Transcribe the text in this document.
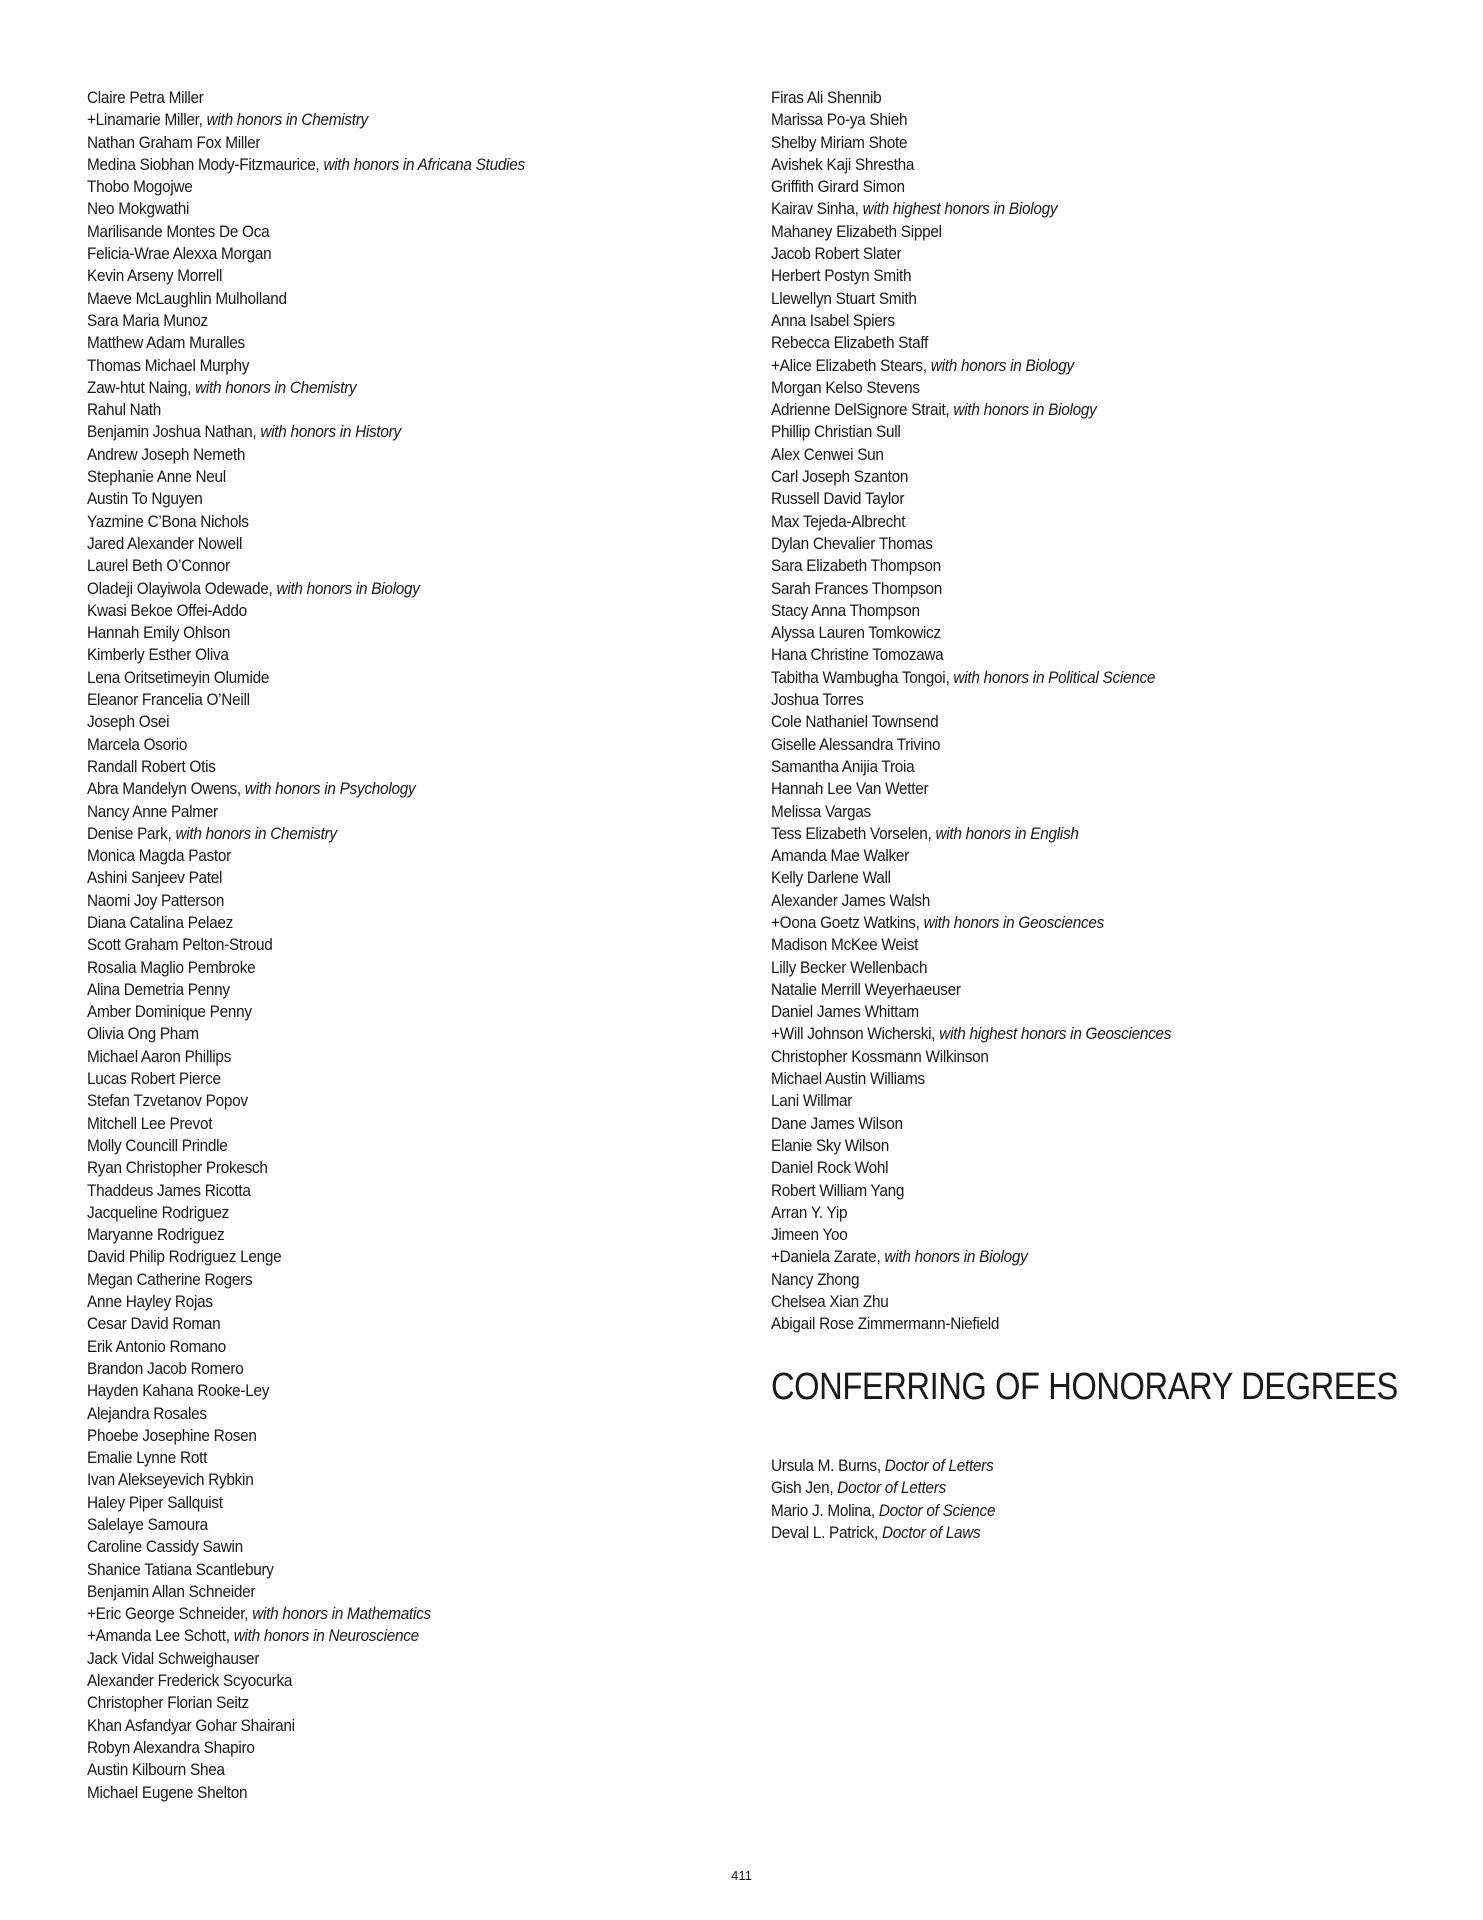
Claire Petra Miller
+Linamarie Miller, with honors in Chemistry
Nathan Graham Fox Miller
Medina Siobhan Mody-Fitzmaurice, with honors in Africana Studies
Thobo Mogojwe
Neo Mokgwathi
Marilisande Montes De Oca
Felicia-Wrae Alexxa Morgan
Kevin Arseny Morrell
Maeve McLaughlin Mulholland
Sara Maria Munoz
Matthew Adam Muralles
Thomas Michael Murphy
Zaw-htut Naing, with honors in Chemistry
Rahul Nath
Benjamin Joshua Nathan, with honors in History
Andrew Joseph Nemeth
Stephanie Anne Neul
Austin To Nguyen
Yazmine C’Bona Nichols
Jared Alexander Nowell
Laurel Beth O’Connor
Oladeji Olayiwola Odewade, with honors in Biology
Kwasi Bekoe Offei-Addo
Hannah Emily Ohlson
Kimberly Esther Oliva
Lena Oritsetimeyin Olumide
Eleanor Francelia O’Neill
Joseph Osei
Marcela Osorio
Randall Robert Otis
Abra Mandelyn Owens, with honors in Psychology
Nancy Anne Palmer
Denise Park, with honors in Chemistry
Monica Magda Pastor
Ashini Sanjeev Patel
Naomi Joy Patterson
Diana Catalina Pelaez
Scott Graham Pelton-Stroud
Rosalia Maglio Pembroke
Alina Demetria Penny
Amber Dominique Penny
Olivia Ong Pham
Michael Aaron Phillips
Lucas Robert Pierce
Stefan Tzvetanov Popov
Mitchell Lee Prevot
Molly Councill Prindle
Ryan Christopher Prokesch
Thaddeus James Ricotta
Jacqueline Rodriguez
Maryanne Rodriguez
David Philip Rodriguez Lenge
Megan Catherine Rogers
Anne Hayley Rojas
Cesar David Roman
Erik Antonio Romano
Brandon Jacob Romero
Hayden Kahana Rooke-Ley
Alejandra Rosales
Phoebe Josephine Rosen
Emalie Lynne Rott
Ivan Alekseyevich Rybkin
Haley Piper Sallquist
Salelaye Samoura
Caroline Cassidy Sawin
Shanice Tatiana Scantlebury
Benjamin Allan Schneider
+Eric George Schneider, with honors in Mathematics
+Amanda Lee Schott, with honors in Neuroscience
Jack Vidal Schweighauser
Alexander Frederick Scyocurka
Christopher Florian Seitz
Khan Asfandyar Gohar Shairani
Robyn Alexandra Shapiro
Austin Kilbourn Shea
Michael Eugene Shelton
Firas Ali Shennib
Marissa Po-ya Shieh
Shelby Miriam Shote
Avishek Kaji Shrestha
Griffith Girard Simon
Kairav Sinha, with highest honors in Biology
Mahaney Elizabeth Sippel
Jacob Robert Slater
Herbert Postyn Smith
Llewellyn Stuart Smith
Anna Isabel Spiers
Rebecca Elizabeth Staff
+Alice Elizabeth Stears, with honors in Biology
Morgan Kelso Stevens
Adrienne DelSignore Strait, with honors in Biology
Phillip Christian Sull
Alex Cenwei Sun
Carl Joseph Szanton
Russell David Taylor
Max Tejeda-Albrecht
Dylan Chevalier Thomas
Sara Elizabeth Thompson
Sarah Frances Thompson
Stacy Anna Thompson
Alyssa Lauren Tomkowicz
Hana Christine Tomozawa
Tabitha Wambugha Tongoi, with honors in Political Science
Joshua Torres
Cole Nathaniel Townsend
Giselle Alessandra Trivino
Samantha Anijia Troia
Hannah Lee Van Wetter
Melissa Vargas
Tess Elizabeth Vorselen, with honors in English
Amanda Mae Walker
Kelly Darlene Wall
Alexander James Walsh
+Oona Goetz Watkins, with honors in Geosciences
Madison McKee Weist
Lilly Becker Wellenbach
Natalie Merrill Weyerhaeuser
Daniel James Whittam
+Will Johnson Wicherski, with highest honors in Geosciences
Christopher Kossmann Wilkinson
Michael Austin Williams
Lani Willmar
Dane James Wilson
Elanie Sky Wilson
Daniel Rock Wohl
Robert William Yang
Arran Y. Yip
Jimeen Yoo
+Daniela Zarate, with honors in Biology
Nancy Zhong
Chelsea Xian Zhu
Abigail Rose Zimmermann-Niefield
CONFERRING OF HONORARY DEGREES
Ursula M. Burns, Doctor of Letters
Gish Jen, Doctor of Letters
Mario J. Molina, Doctor of Science
Deval L. Patrick, Doctor of Laws
411
